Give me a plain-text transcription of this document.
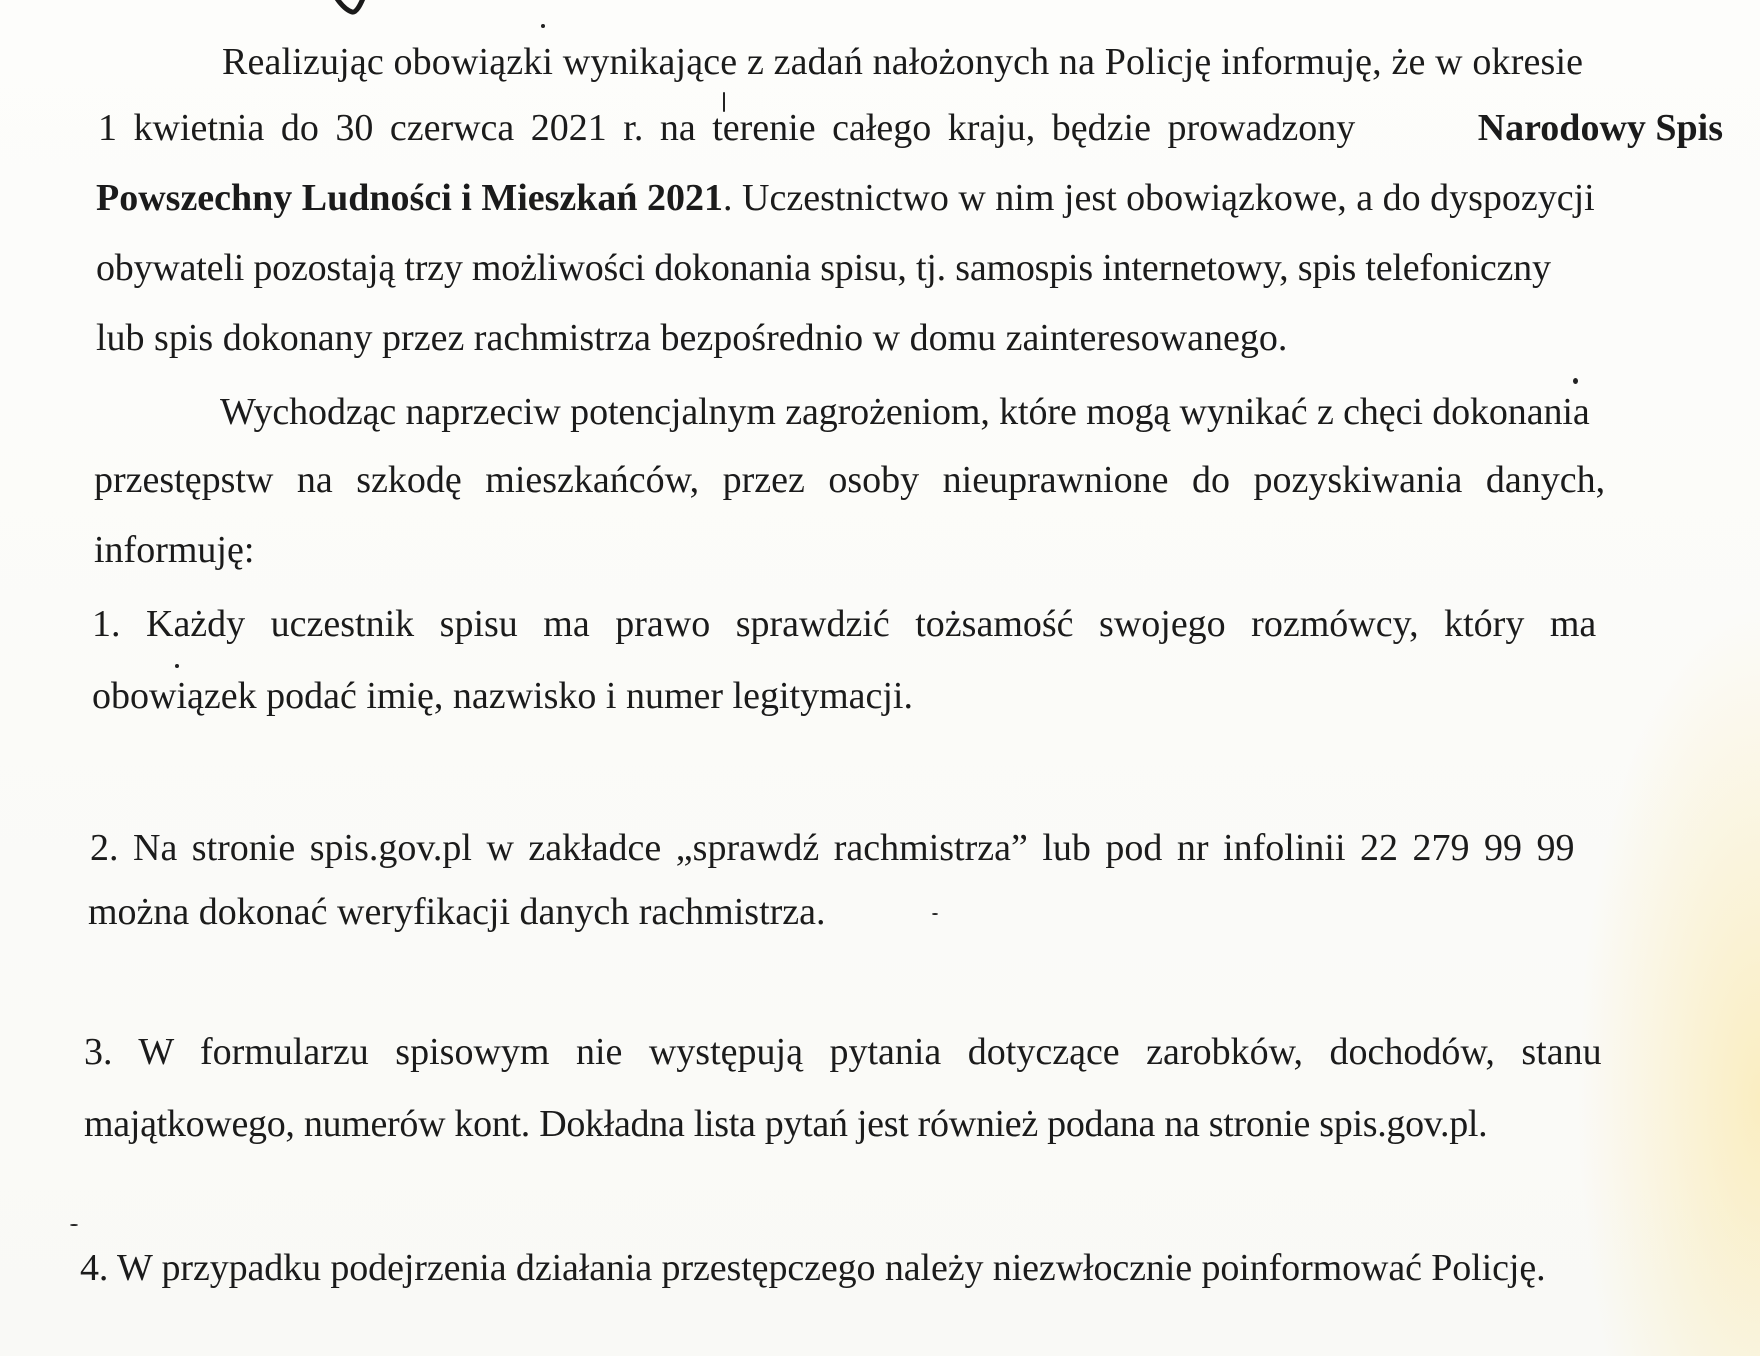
Realizując obowiązki wynikające z zadań nałożonych na Policję informuję, że w okresie
1 kwietnia do 30 czerwca 2021 r. na terenie całego kraju, będzie prowadzony	Narodowy Spis
Powszechny Ludności i Mieszkań 2021. Uczestnictwo w nim jest obowiązkowe, a do dyspozycji
obywateli pozostają trzy możliwości dokonania spisu, tj. samospis internetowy, spis telefoniczny
lub spis dokonany przez rachmistrza bezpośrednio w domu zainteresowanego.
Wychodząc naprzeciw potencjalnym zagrożeniom, które mogą wynikać z chęci dokonania
przestępstw na szkodę mieszkańców, przez osoby nieuprawnione do pozyskiwania danych,
informuję:
1. Każdy uczestnik spisu ma prawo sprawdzić tożsamość swojego rozmówcy, który ma
obowiązek podać imię, nazwisko i numer legitymacji.
2. Na stronie spis.gov.pl w zakładce „sprawdź rachmistrza” lub pod nr infolinii 22 279 99 99
można dokonać weryfikacji danych rachmistrza.
3. W formularzu spisowym nie występują pytania dotyczące zarobków, dochodów, stanu
majątkowego, numerów kont. Dokładna lista pytań jest również podana na stronie spis.gov.pl.
4. W przypadku podejrzenia działania przestępczego należy niezwłocznie poinformować Policję.
